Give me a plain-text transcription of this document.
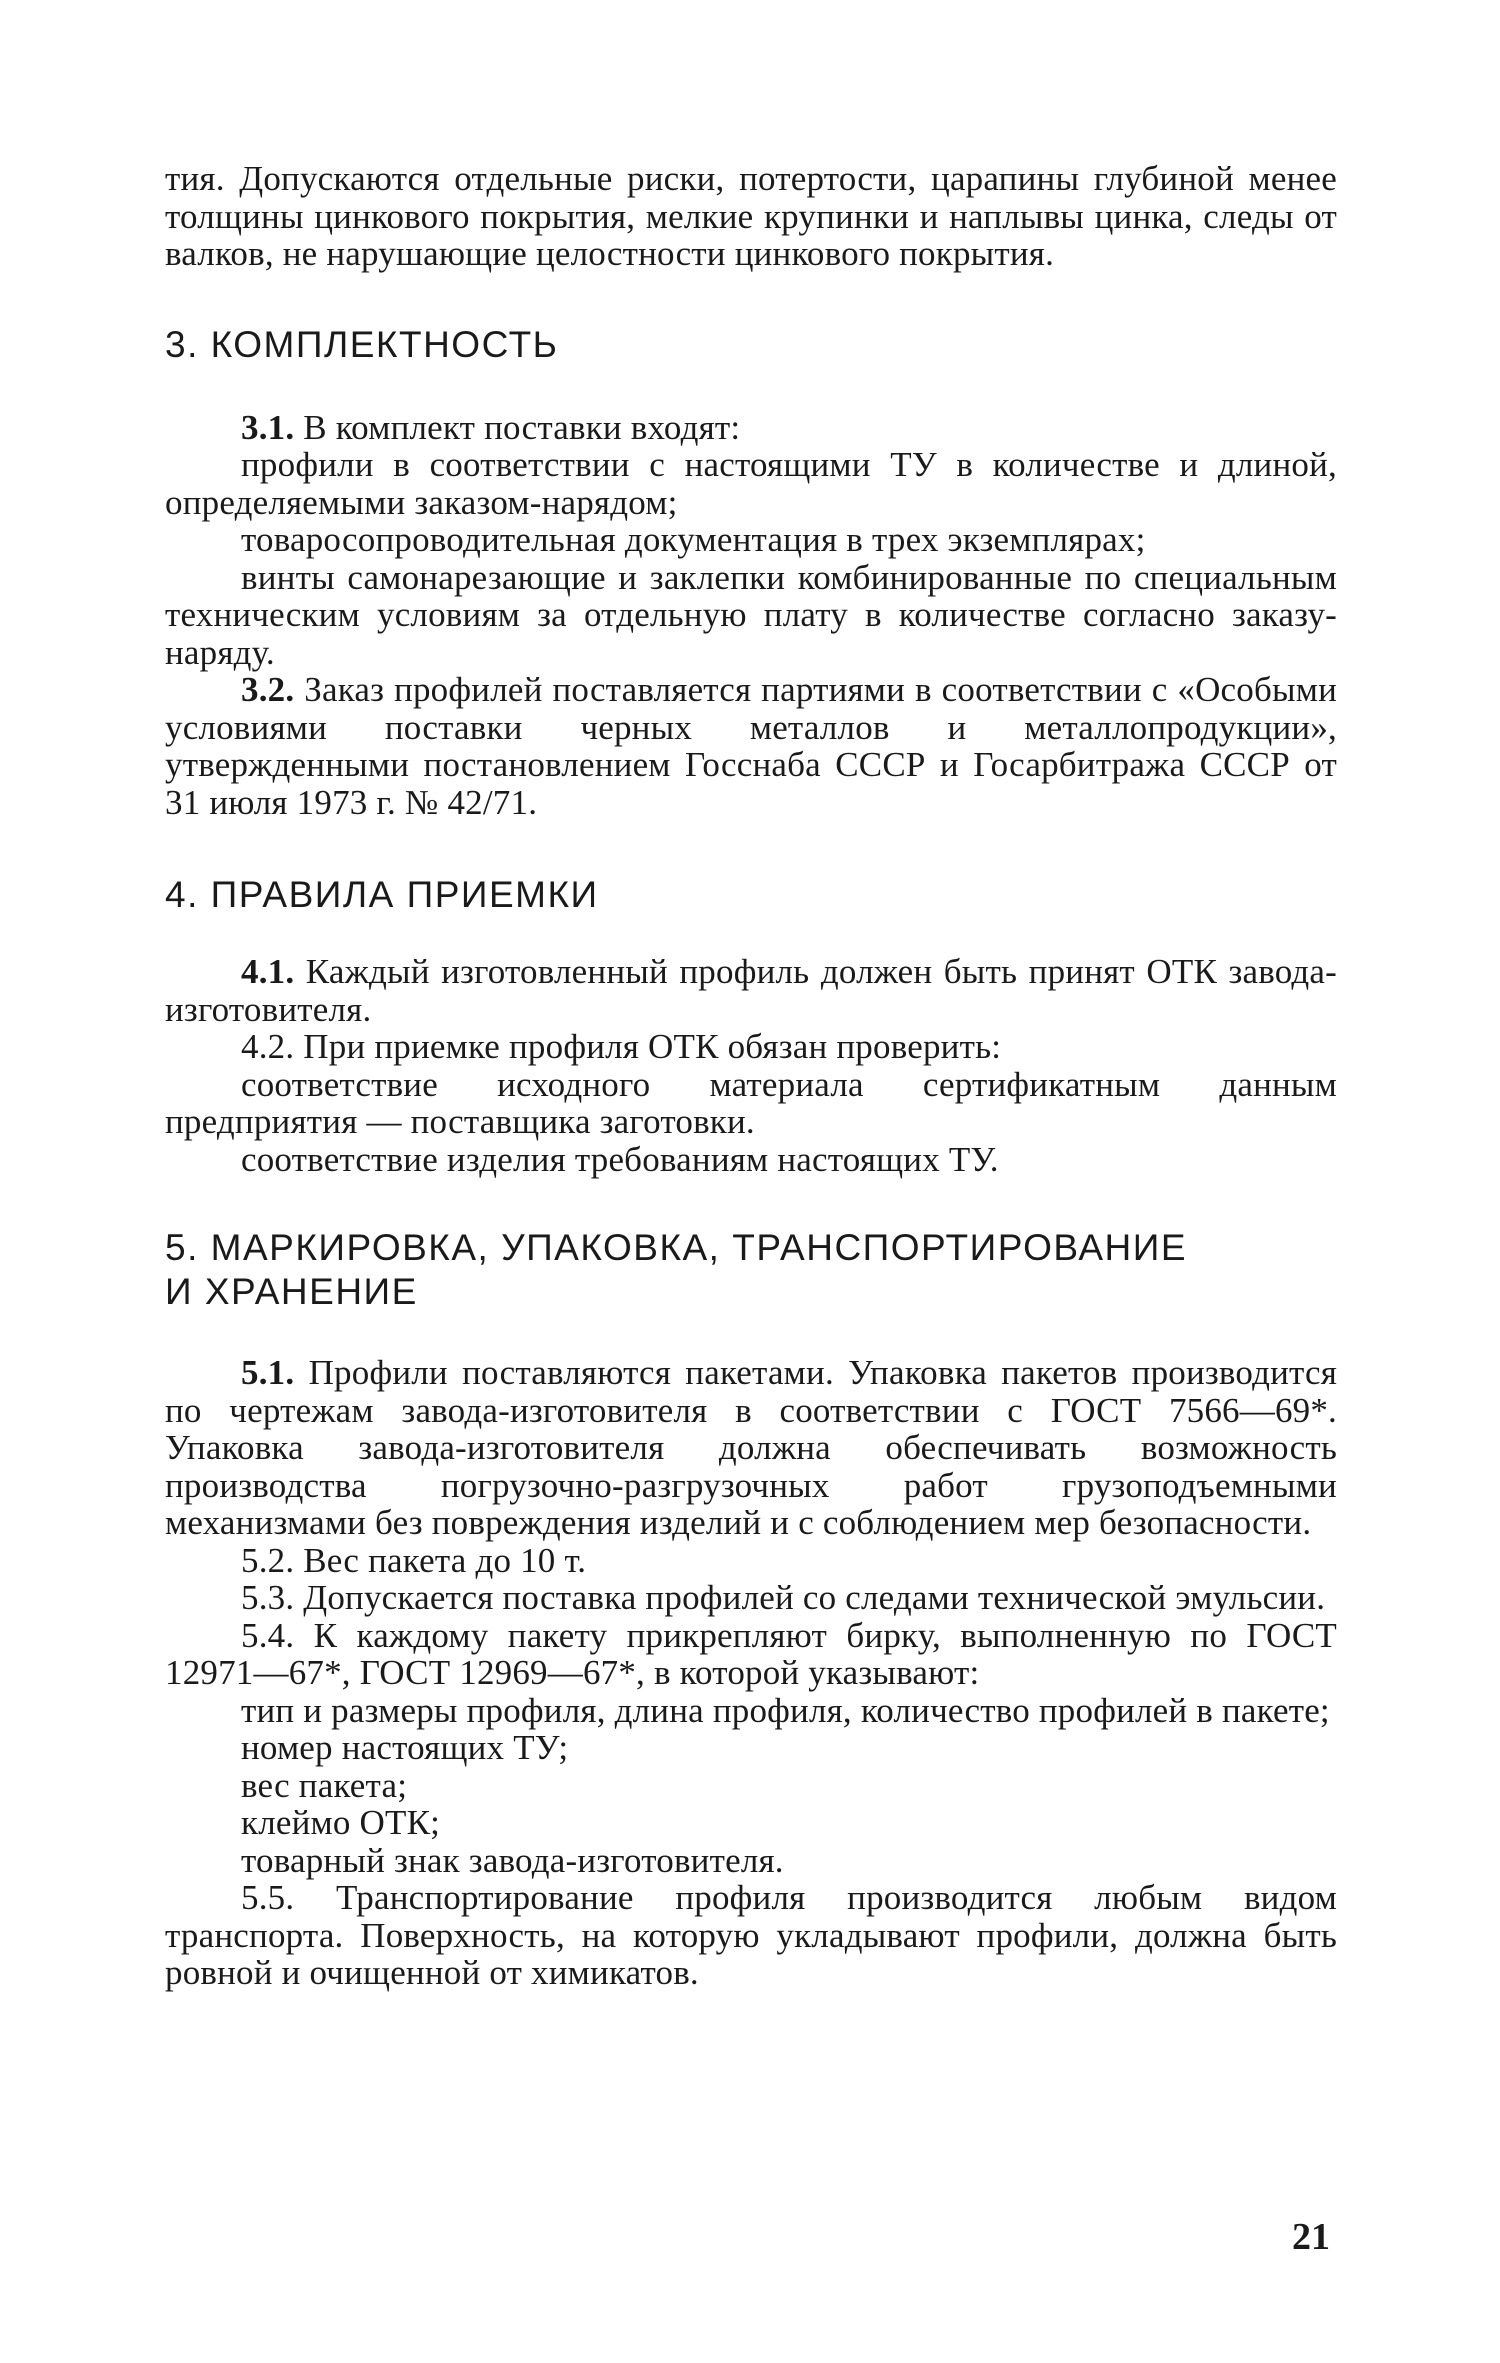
тия. Допускаются отдельные риски, потертости, царапины глубиной менее толщины цинкового покрытия, мелкие крупинки и наплывы цинка, следы от валков, не нарушающие целостности цинкового покрытия.

3. КОМПЛЕКТНОСТЬ

3.1. В комплект поставки входят:

профили в соответствии с настоящими ТУ в количестве и длиной, определяемыми заказом-нарядом;

товаросопроводительная документация в трех экземплярах;

винты самонарезающие и заклепки комбинированные по специальным техническим условиям за отдельную плату в количестве согласно заказу-наряду.

3.2. Заказ профилей поставляется партиями в соответствии с «Особыми условиями поставки черных металлов и металлопродукции», утвержденными постановлением Госснаба СССР и Госарбитража СССР от 31 июля 1973 г. № 42/71.

4. ПРАВИЛА ПРИЕМКИ

4.1. Каждый изготовленный профиль должен быть принят ОТК завода-изготовителя.

4.2. При приемке профиля ОТК обязан проверить:

соответствие исходного материала сертификатным данным предприятия — поставщика заготовки.

соответствие изделия требованиям настоящих ТУ.

5. МАРКИРОВКА, УПАКОВКА, ТРАНСПОРТИРОВАНИЕ
И ХРАНЕНИЕ

5.1. Профили поставляются пакетами. Упаковка пакетов производится по чертежам завода-изготовителя в соответствии с ГОСТ 7566—69*. Упаковка завода-изготовителя должна обеспечивать возможность производства погрузочно-разгрузочных работ грузоподъемными механизмами без повреждения изделий и с соблюдением мер безопасности.

5.2. Вес пакета до 10 т.

5.3. Допускается поставка профилей со следами технической эмульсии.

5.4. К каждому пакету прикрепляют бирку, выполненную по ГОСТ 12971—67*, ГОСТ 12969—67*, в которой указывают:

тип и размеры профиля, длина профиля, количество профилей в пакете;

номер настоящих ТУ;

вес пакета;

клеймо ОТК;

товарный знак завода-изготовителя.

5.5. Транспортирование профиля производится любым видом транспорта. Поверхность, на которую укладывают профили, должна быть ровной и очищенной от химикатов.

21
